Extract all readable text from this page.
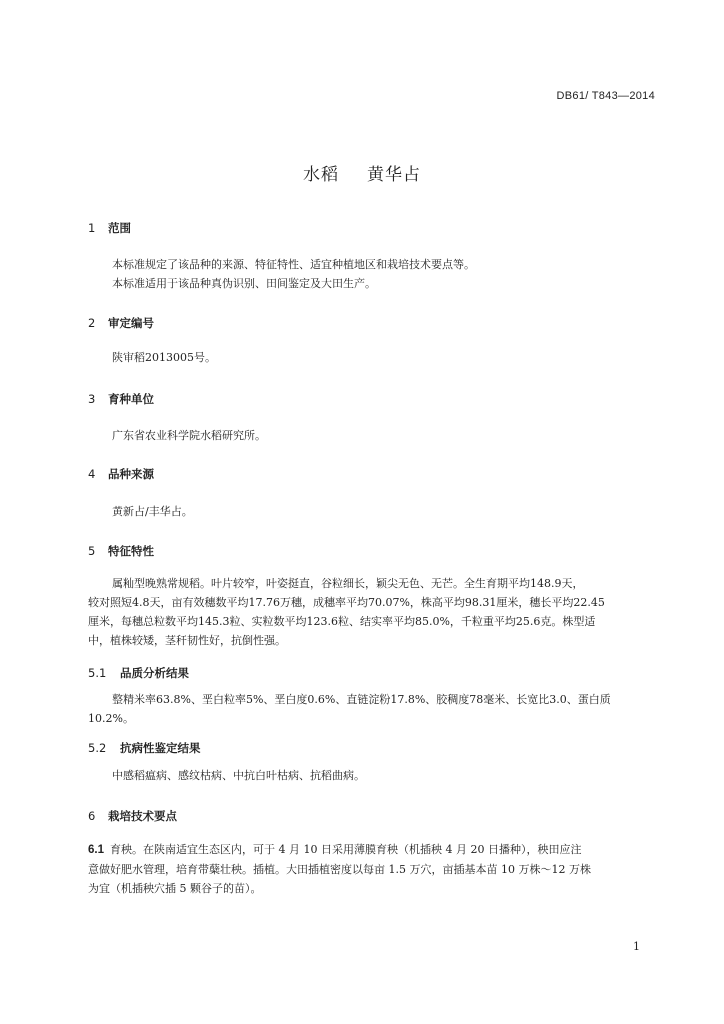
DB61/ T843—2014
水稻 黄华占
1 范围
本标准规定了该品种的来源、特征特性、适宜种植地区和栽培技术要点等。
本标准适用于该品种真伪识别、田间鉴定及大田生产。
2 审定编号
陕审稻2013005号。
3 育种单位
广东省农业科学院水稻研究所。
4 品种来源
黄新占/丰华占。
5 特征特性
属籼型晚熟常规稻。叶片较窄，叶姿挺直，谷粒细长，颖尖无色、无芒。全生育期平均148.9天，
较对照短4.8天，亩有效穗数平均17.76万穗，成穗率平均70.07%，株高平均98.31厘米，穗长平均22.45
厘米，每穗总粒数平均145.3粒、实粒数平均123.6粒、结实率平均85.0%，千粒重平均25.6克。株型适
中，植株较矮，茎秆韧性好，抗倒性强。
5.1 品质分析结果
整精米率63.8%、垩白粒率5%、垩白度0.6%、直链淀粉17.8%、胶稠度78毫米、长宽比3.0、蛋白质
10.2%。
5.2 抗病性鉴定结果
中感稻瘟病、感纹枯病、中抗白叶枯病、抗稻曲病。
6 栽培技术要点
6.1 育秧。在陕南适宜生态区内，可于 4 月 10 日采用薄膜育秧（机插秧 4 月 20 日播种），秧田应注
意做好肥水管理，培育带蘖壮秧。插植。大田插植密度以每亩 1.5 万穴，亩插基本苗 10 万株～12 万株
为宜（机插秧穴插 5 颗谷子的苗）。
1
